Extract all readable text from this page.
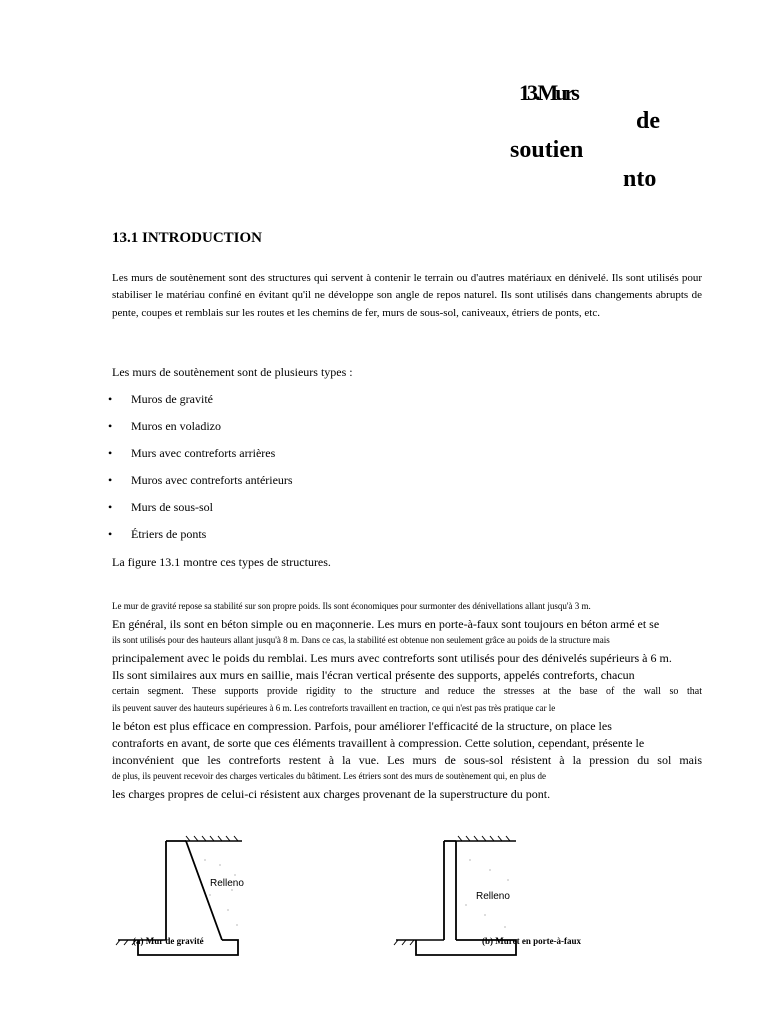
13.Murs
de
soutien
nto
13.1 INTRODUCTION
Les murs de soutènement sont des structures qui servent à contenir le terrain ou d'autres matériaux en dénivelé. Ils sont utilisés pour stabiliser le matériau confiné en évitant qu'il ne développe son angle de repos naturel. Ils sont utilisés dans changements abrupts de pente, coupes et remblais sur les routes et les chemins de fer, murs de sous-sol, caniveaux, étriers de ponts, etc.
Les murs de soutènement sont de plusieurs types :
• Muros de gravité
• Muros en voladizo
• Murs avec contreforts arrières
• Muros avec contreforts antérieurs
• Murs de sous-sol
• Étriers de ponts
La figure 13.1 montre ces types de structures.
Le mur de gravité repose sa stabilité sur son propre poids. Ils sont économiques pour surmonter des dénivellations allant jusqu'à 3 m.
En général, ils sont en béton simple ou en maçonnerie. Les murs en porte-à-faux sont toujours en béton armé et se
ils sont utilisés pour des hauteurs allant jusqu'à 8 m. Dans ce cas, la stabilité est obtenue non seulement grâce au poids de la structure mais
principalement avec le poids du remblai. Les murs avec contreforts sont utilisés pour des dénivelés supérieurs à 6 m.
Ils sont similaires aux murs en saillie, mais l'écran vertical présente des supports, appelés contreforts, chacun
certain segment. These supports provide rigidity to the structure and reduce the stresses at the base of the wall so that
ils peuvent sauver des hauteurs supérieures à 6 m. Les contreforts travaillent en traction, ce qui n'est pas très pratique car le
le béton est plus efficace en compression. Parfois, pour améliorer l'efficacité de la structure, on place les
contraforts en avant, de sorte que ces éléments travaillent à compression. Cette solution, cependant, présente le
inconvénient que les contreforts restent à la vue. Les murs de sous-sol résistent à la pression du sol mais
de plus, ils peuvent recevoir des charges verticales du bâtiment. Les étriers sont des murs de soutènement qui, en plus de
les charges propres de celui-ci résistent aux charges provenant de la superstructure du pont.
Relleno
(a) Mur de gravité
Relleno
(b) Muret en porte-à-faux
